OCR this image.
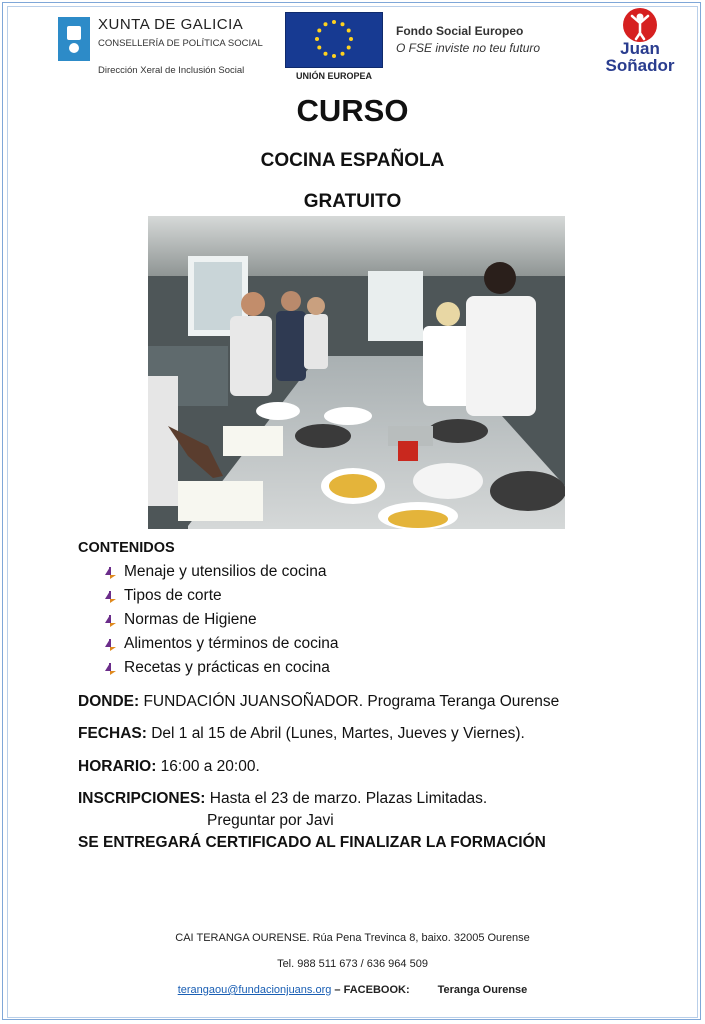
XUNTA DE GALICIA
CONSELLERÍA DE POLÍTICA SOCIAL
Dirección Xeral de Inclusión Social	UNIÓN EUROPEA
Fondo Social Europeo
O FSE inviste no teu futuro	Juan
Soñador
CURSO
COCINA ESPAÑOLA
GRATUITO
CONTENIDOS
Menaje y utensilios de cocina
Tipos de corte
Normas de Higiene
Alimentos y términos de cocina
Recetas y prácticas en cocina
DONDE: FUNDACIÓN JUANSOÑADOR. Programa Teranga Ourense
FECHAS: Del 1 al 15 de Abril (Lunes, Martes, Jueves y Viernes).
HORARIO: 16:00 a 20:00.
INSCRIPCIONES: Hasta el 23 de marzo. Plazas Limitadas.
Preguntar por Javi
SE ENTREGARÁ CERTIFICADO AL FINALIZAR LA FORMACIÓN
CAI TERANGA OURENSE. Rúa Pena Trevinca 8, baixo. 32005 Ourense
Tel. 988 511 673 / 636 964 509
terangaou@fundacionjuans.org – FACEBOOK:	Teranga Ourense
